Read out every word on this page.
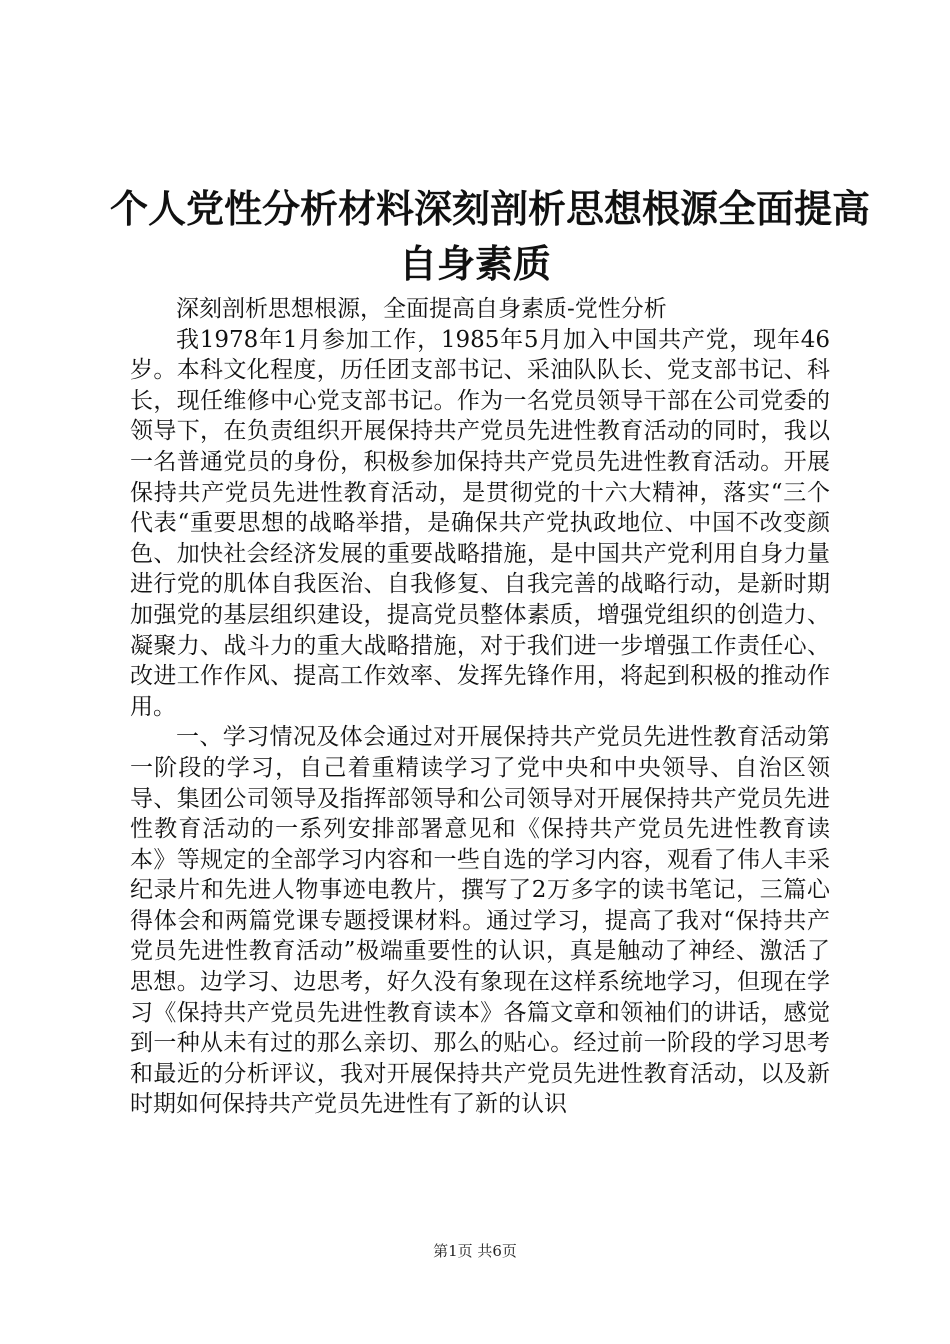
个人党性分析材料深刻剖析思想根源全面提高
自身素质

深刻剖析思想根源，全面提高自身素质-党性分析

我1978年1月参加工作，1985年5月加入中国共产党，现年46岁。本科文化程度，历任团支部书记、采油队队长、党支部书记、科长，现任维修中心党支部书记。作为一名党员领导干部在公司党委的领导下，在负责组织开展保持共产党员先进性教育活动的同时，我以一名普通党员的身份，积极参加保持共产党员先进性教育活动。开展保持共产党员先进性教育活动，是贯彻党的十六大精神，落实“三个代表“重要思想的战略举措，是确保共产党执政地位、中国不改变颜色、加快社会经济发展的重要战略措施，是中国共产党利用自身力量进行党的肌体自我医治、自我修复、自我完善的战略行动，是新时期加强党的基层组织建设，提高党员整体素质，增强党组织的创造力、凝聚力、战斗力的重大战略措施，对于我们进一步增强工作责任心、改进工作作风、提高工作效率、发挥先锋作用，将起到积极的推动作用。

一、学习情况及体会通过对开展保持共产党员先进性教育活动第一阶段的学习，自己着重精读学习了党中央和中央领导、自治区领导、集团公司领导及指挥部领导和公司领导对开展保持共产党员先进性教育活动的一系列安排部署意见和《保持共产党员先进性教育读本》等规定的全部学习内容和一些自选的学习内容，观看了伟人丰采纪录片和先进人物事迹电教片，撰写了2万多字的读书笔记，三篇心得体会和两篇党课专题授课材料。通过学习，提高了我对“保持共产党员先进性教育活动”极端重要性的认识，真是触动了神经、激活了思想。边学习、边思考，好久没有象现在这样系统地学习，但现在学习《保持共产党员先进性教育读本》各篇文章和领袖们的讲话，感觉到一种从未有过的那么亲切、那么的贴心。经过前一阶段的学习思考和最近的分析评议，我对开展保持共产党员先进性教育活动，以及新时期如何保持共产党员先进性有了新的认识

第1页 共6页
